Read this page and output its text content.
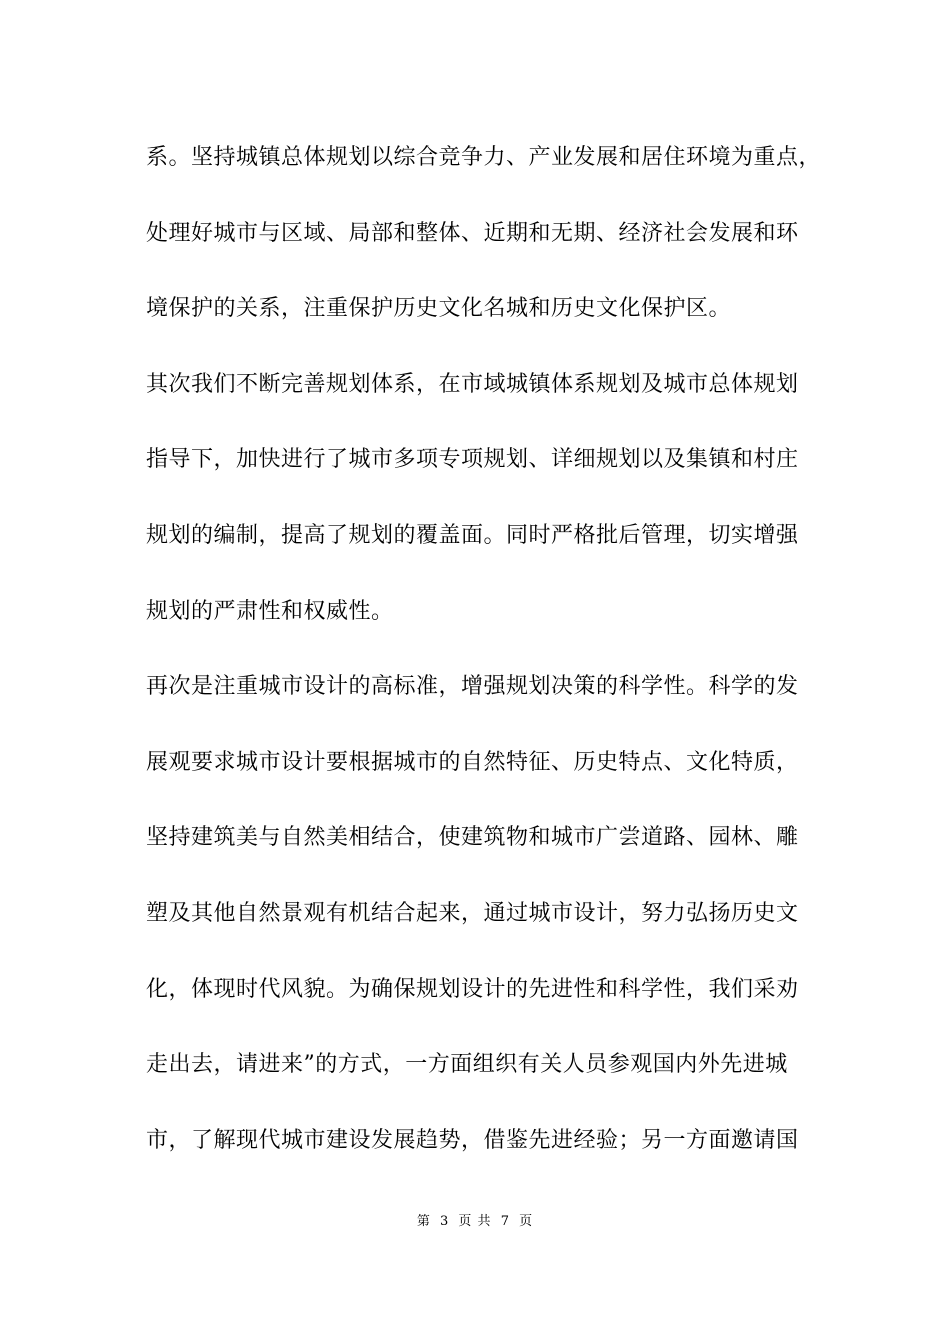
系。坚持城镇总体规划以综合竞争力、产业发展和居住环境为重点，
处理好城市与区域、局部和整体、近期和无期、经济社会发展和环
境保护的关系，注重保护历史文化名城和历史文化保护区。
其次我们不断完善规划体系，在市域城镇体系规划及城市总体规划
指导下，加快进行了城市多项专项规划、详细规划以及集镇和村庄
规划的编制，提高了规划的覆盖面。同时严格批后管理，切实增强
规划的严肃性和权威性。
再次是注重城市设计的高标准，增强规划决策的科学性。科学的发
展观要求城市设计要根据城市的自然特征、历史特点、文化特质，
坚持建筑美与自然美相结合，使建筑物和城市广尝道路、园林、雕
塑及其他自然景观有机结合起来，通过城市设计，努力弘扬历史文
化，体现时代风貌。为确保规划设计的先进性和科学性，我们采劝
走出去，请进来”的方式，一方面组织有关人员参观国内外先进城
市，了解现代城市建设发展趋势，借鉴先进经验；另一方面邀请国
第 3 页 共 7 页
